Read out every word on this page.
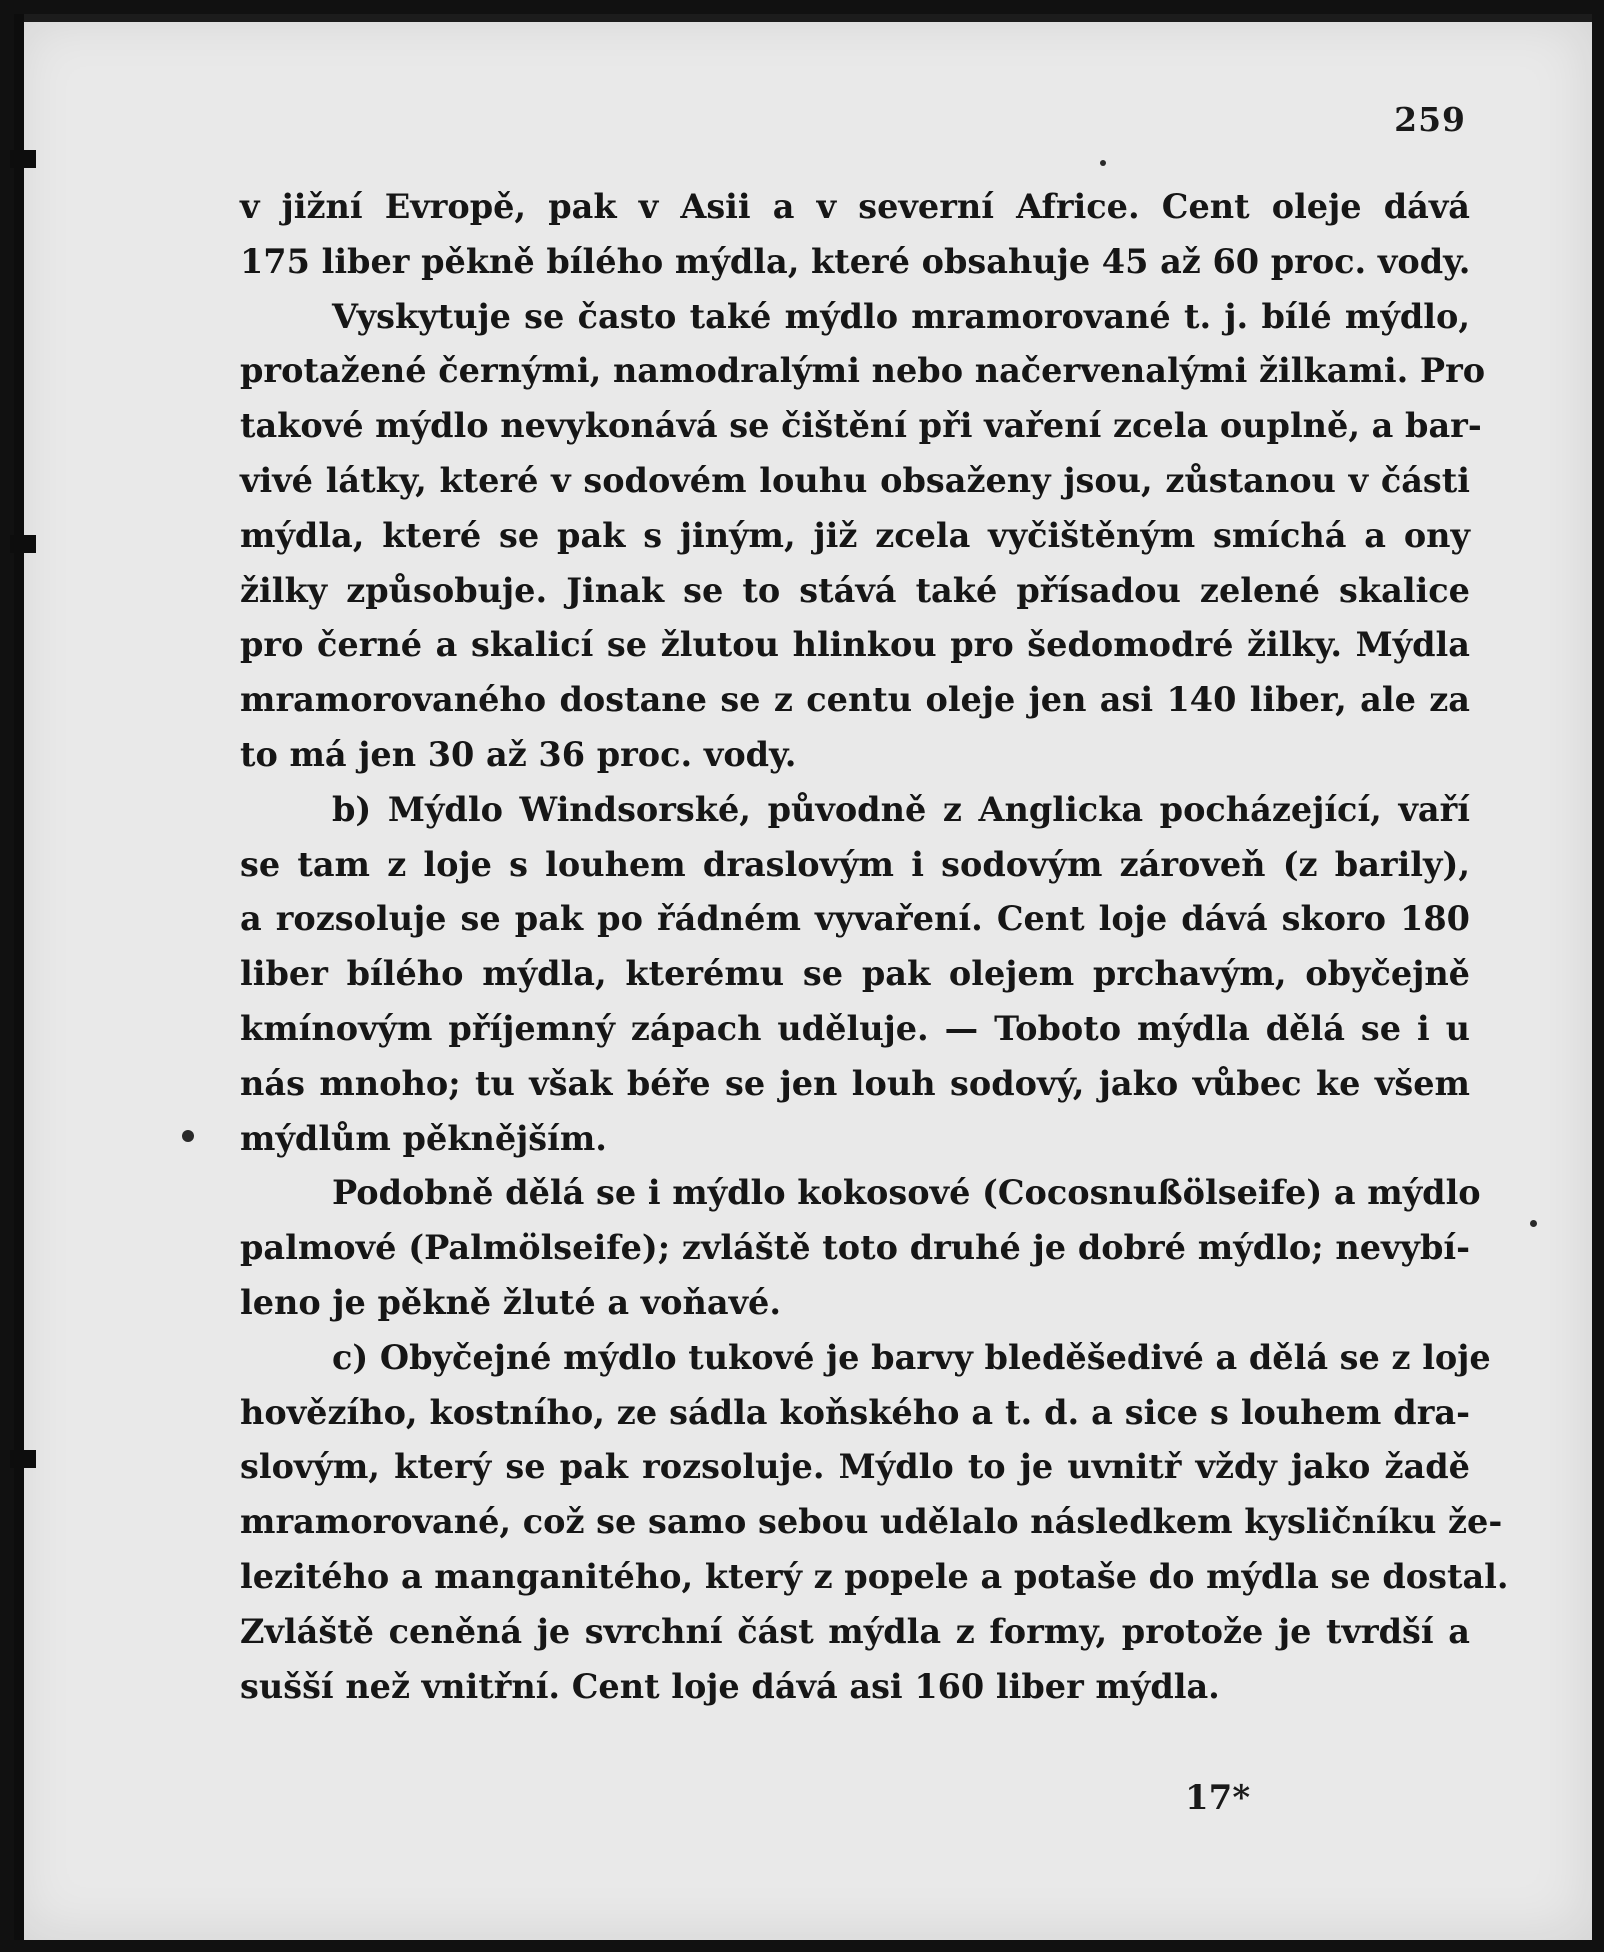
259

v jižní Evropě, pak v Asii a v severní Africe. Cent oleje dává
175 liber pěkně bílého mýdla, které obsahuje 45 až 60 proc. vody.

Vyskytuje se často také mýdlo mramorované t. j. bílé mýdlo,
protažené černými, namodralými nebo načervenalými žilkami. Pro
takové mýdlo nevykonává se čištění při vaření zcela ouplně, a bar-
vivé látky, které v sodovém louhu obsaženy jsou, zůstanou v části
mýdla, které se pak s jiným, již zcela vyčištěným smíchá a ony
žilky způsobuje. Jinak se to stává také přísadou zelené skalice
pro černé a skalicí se žlutou hlinkou pro šedomodré žilky. Mýdla
mramorovaného dostane se z centu oleje jen asi 140 liber, ale za
to má jen 30 až 36 proc. vody.

b) Mýdlo Windsorské, původně z Anglicka pocházející, vaří
se tam z loje s louhem draslovým i sodovým zároveň (z barily),
a rozsoluje se pak po řádném vyvaření. Cent loje dává skoro 180
liber bílého mýdla, kterému se pak olejem prchavým, obyčejně
kmínovým příjemný zápach uděluje. — Toboto mýdla dělá se i u
nás mnoho; tu však béře se jen louh sodový, jako vůbec ke všem
mýdlům pěknějším.

Podobně dělá se i mýdlo kokosové (Cocosnußölseife) a mýdlo
palmové (Palmölseife); zvláště toto druhé je dobré mýdlo; nevybí-
leno je pěkně žluté a voňavé.

c) Obyčejné mýdlo tukové je barvy bleděšedivé a dělá se z loje
hovězího, kostního, ze sádla koňského a t. d. a sice s louhem dra-
slovým, který se pak rozsoluje. Mýdlo to je uvnitř vždy jako žadě
mramorované, což se samo sebou udělalo následkem kysličníku že-
lezitého a manganitého, který z popele a potaše do mýdla se dostal.
Zvláště ceněná je svrchní část mýdla z formy, protože je tvrdší a
sušší než vnitřní. Cent loje dává asi 160 liber mýdla.

17*
